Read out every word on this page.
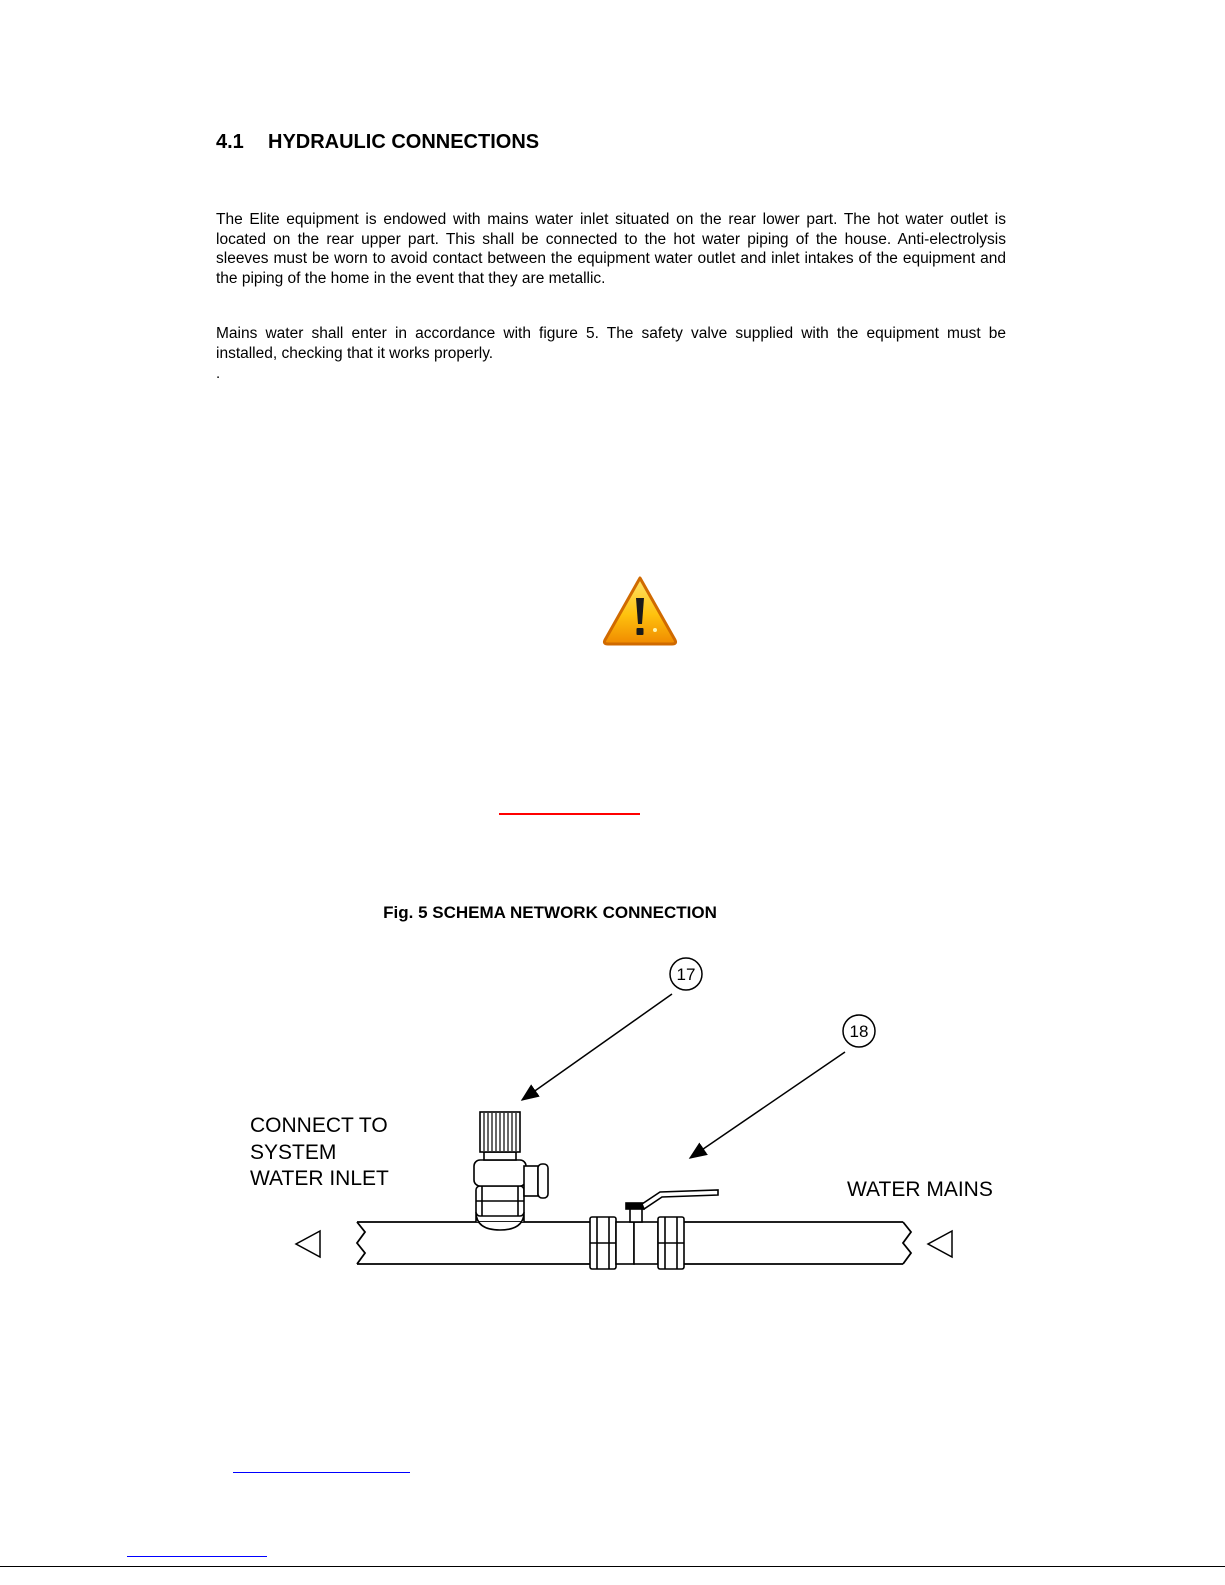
4.1 HYDRAULIC CONNECTIONS

The Elite equipment is endowed with mains water inlet situated on the rear lower part. The hot water outlet is located on the rear upper part. This shall be connected to the hot water piping of the house. Anti-electrolysis sleeves must be worn to avoid contact between the equipment water outlet and inlet intakes of the equipment and the piping of the home in the event that they are metallic.

Mains water shall enter in accordance with figure 5. The safety valve supplied with the equipment must be installed, checking that it works properly.

.

Fig. 5 SCHEMA NETWORK CONNECTION

17
18
CONNECT TO
SYSTEM
WATER INLET	WATER MAINS
